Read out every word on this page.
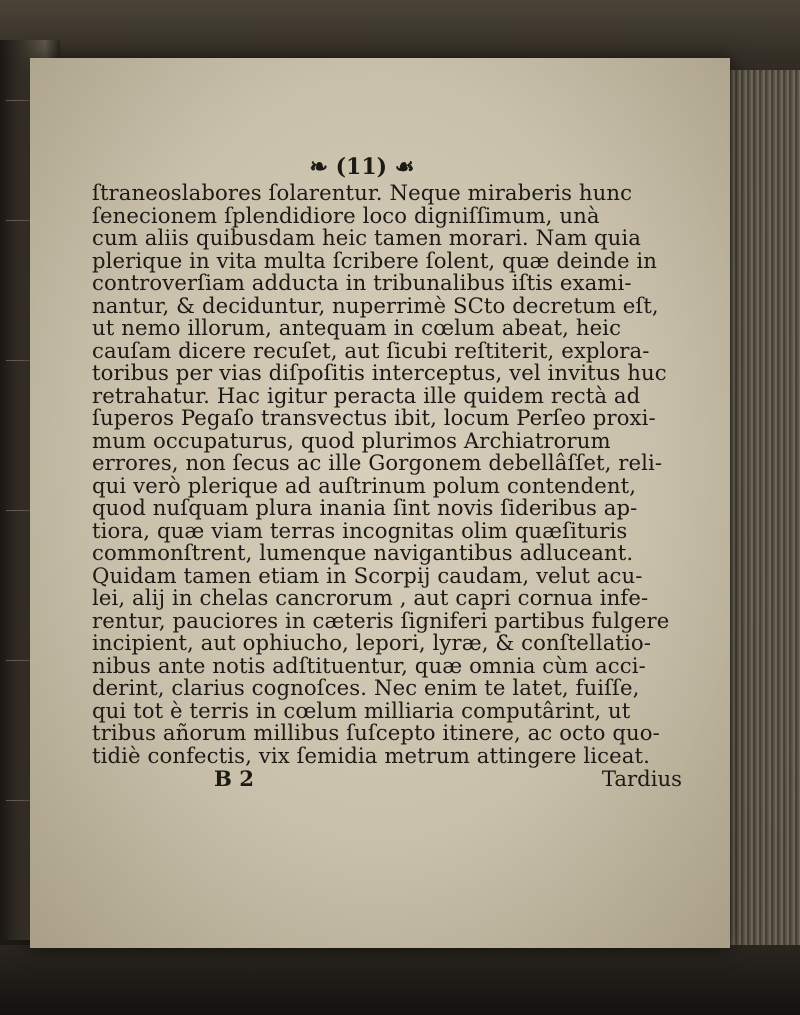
❧ (11) ☙
ſtraneoslabores ſolarentur. Neque miraberis hunc
ſenecionem ſplendidiore loco digniſſimum, unà
cum aliis quibusdam heic tamen morari. Nam quia
plerique in vita multa ſcribere ſolent, quæ deinde in
controverſiam adducta in tribunalibus iſtis exami-
nantur, & deciduntur, nuperrimè SCto decretum eſt,
ut nemo illorum, antequam in cœlum abeat, heic
cauſam dicere recuſet, aut ſicubi reſtiterit, explora-
toribus per vias diſpoſitis interceptus, vel invitus huc
retrahatur. Hac igitur peracta ille quidem rectà ad
ſuperos Pegaſo transvectus ibit, locum Perſeo proxi-
mum occupaturus, quod plurimos Archiatrorum
errores, non ſecus ac ille Gorgonem debellâſſet, reli-
qui verò plerique ad auſtrinum polum contendent,
quod nuſquam plura inania ſint novis ſideribus ap-
tiora, quæ viam terras incognitas olim quæſituris
commonſtrent, lumenque navigantibus adluceant.
Quidam tamen etiam in Scorpij caudam, velut acu-
lei, alij in chelas cancrorum , aut capri cornua infe-
rentur, pauciores in cæteris ſigniferi partibus fulgere
incipient, aut ophiucho, lepori, lyræ, & conſtellatio-
nibus ante notis adſtituentur, quæ omnia cùm acci-
derint, clarius cognoſces. Nec enim te latet, fuiſſe,
qui tot è terris in cœlum milliaria computârint, ut
tribus añorum millibus ſuſcepto itinere, ac octo quo-
tidiè confectis, vix ſemidia metrum attingere liceat.
B 2	Tardius
